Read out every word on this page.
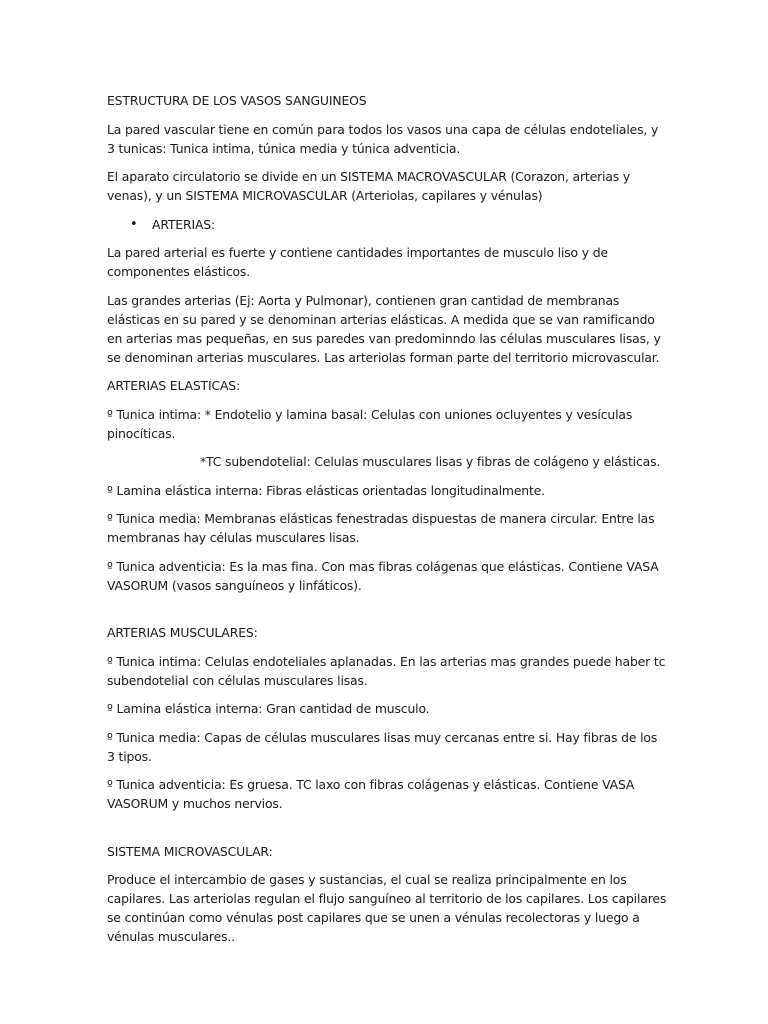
ESTRUCTURA DE LOS VASOS SANGUINEOS

La pared vascular tiene en común para todos los vasos una capa de células endoteliales, y 3 tunicas: Tunica intima, túnica media y túnica adventicia.

El aparato circulatorio se divide en un SISTEMA MACROVASCULAR (Corazon, arterias y venas), y un SISTEMA MICROVASCULAR (Arteriolas, capilares y vénulas)

• ARTERIAS:

La pared arterial es fuerte y contiene cantidades importantes de musculo liso y de componentes elásticos.

Las grandes arterias (Ej: Aorta y Pulmonar), contienen gran cantidad de membranas elásticas en su pared y se denominan arterias elásticas. A medida que se van ramificando en arterias mas pequeñas, en sus paredes van predominndo las células musculares lisas, y se denominan arterias musculares. Las arteriolas forman parte del territorio microvascular.

ARTERIAS ELASTICAS:

º Tunica intima: * Endotelio y lamina basal: Celulas con uniones ocluyentes y vesículas pinocíticas.

*TC subendotelial: Celulas musculares lisas y fibras de colágeno y elásticas.

º Lamina elástica interna: Fibras elásticas orientadas longitudinalmente.

º Tunica media: Membranas elásticas fenestradas dispuestas de manera circular. Entre las membranas hay células musculares lisas.

º Tunica adventicia: Es la mas fina. Con mas fibras colágenas que elásticas. Contiene VASA VASORUM (vasos sanguíneos y linfáticos).

ARTERIAS MUSCULARES:

º Tunica intima: Celulas endoteliales aplanadas. En las arterias mas grandes puede haber tc subendotelial con células musculares lisas.

º Lamina elástica interna: Gran cantidad de musculo.

º Tunica media: Capas de células musculares lisas muy cercanas entre si. Hay fibras de los 3 tipos.

º Tunica adventicia: Es gruesa. TC laxo con fibras colágenas y elásticas. Contiene VASA VASORUM y muchos nervios.

SISTEMA MICROVASCULAR:

Produce el intercambio de gases y sustancias, el cual se realiza principalmente en los capilares. Las arteriolas regulan el flujo sanguíneo al territorio de los capilares. Los capilares se continúan como vénulas post capilares que se unen a vénulas recolectoras y luego a vénulas musculares..
